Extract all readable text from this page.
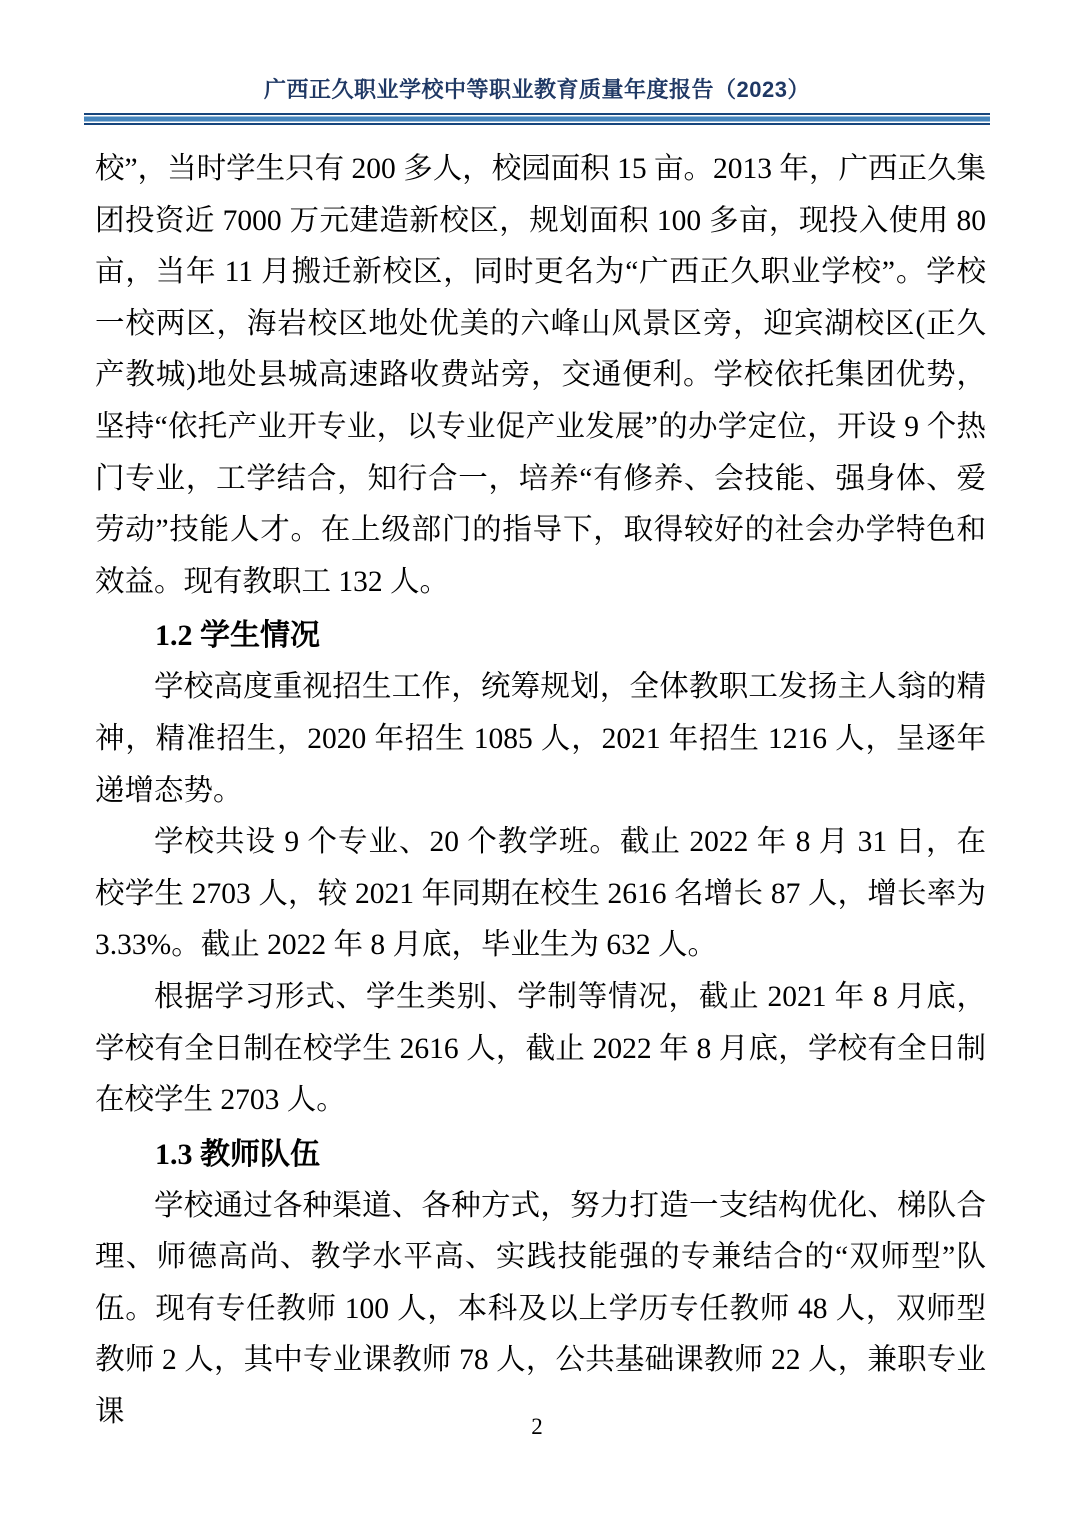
广西正久职业学校中等职业教育质量年度报告（2023）

校”，当时学生只有 200 多人，校园面积 15 亩。2013 年，广西正久集团投资近 7000 万元建造新校区，规划面积 100 多亩，现投入使用 80 亩，当年 11 月搬迁新校区，同时更名为“广西正久职业学校”。学校一校两区，海岩校区地处优美的六峰山风景区旁，迎宾湖校区(正久产教城)地处县城高速路收费站旁，交通便利。学校依托集团优势，坚持“依托产业开专业，以专业促产业发展”的办学定位，开设 9 个热门专业，工学结合，知行合一，培养“有修养、会技能、强身体、爱劳动”技能人才。在上级部门的指导下，取得较好的社会办学特色和效益。现有教职工 132 人。

1.2 学生情况

学校高度重视招生工作，统筹规划，全体教职工发扬主人翁的精神，精准招生，2020 年招生 1085 人，2021 年招生 1216 人，呈逐年递增态势。

学校共设 9 个专业、20 个教学班。截止 2022 年 8 月 31 日，在校学生 2703 人，较 2021 年同期在校生 2616 名增长 87 人，增长率为 3.33%。截止 2022 年 8 月底，毕业生为 632 人。

根据学习形式、学生类别、学制等情况，截止 2021 年 8 月底，学校有全日制在校学生 2616 人，截止 2022 年 8 月底，学校有全日制在校学生 2703 人。

1.3 教师队伍

学校通过各种渠道、各种方式，努力打造一支结构优化、梯队合理、师德高尚、教学水平高、实践技能强的专兼结合的“双师型”队伍。现有专任教师 100 人，本科及以上学历专任教师 48 人，双师型教师 2 人，其中专业课教师 78 人，公共基础课教师 22 人，兼职专业课	2
